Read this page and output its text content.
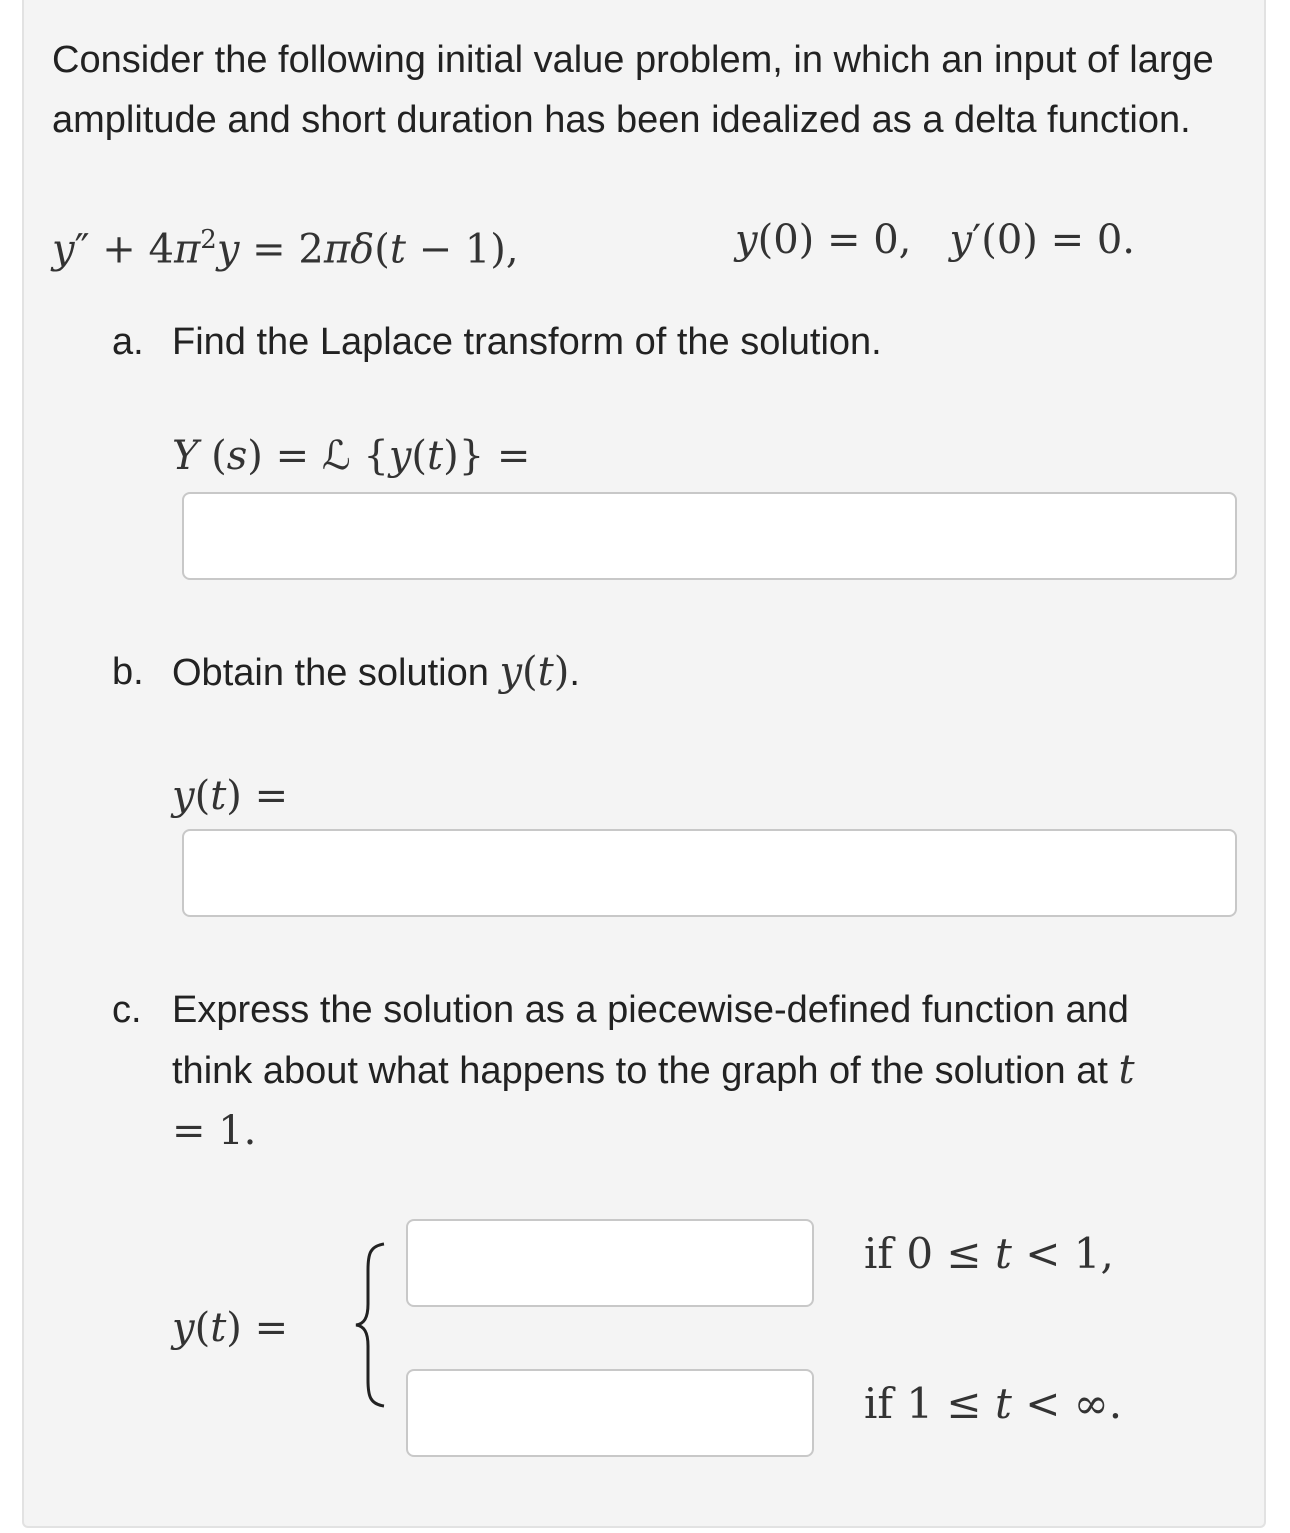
Consider the following initial value problem, in which an input of large amplitude and short duration has been idealized as a delta function.

$y'' + 4\pi^2y = 2\pi\delta(t - 1)$,	y(0) = 0, y′(0) = 0.
a. Find the Laplace transform of the solution.
Y (s) = ℒ {y(t)} =
b. Obtain the solution y(t).
y(t) =
c. Express the solution as a piecewise-defined function and think about what happens to the graph of the solution at t = 1.
y(t) =
if 0 ≤ t < 1,
if 1 ≤ t < ∞.
